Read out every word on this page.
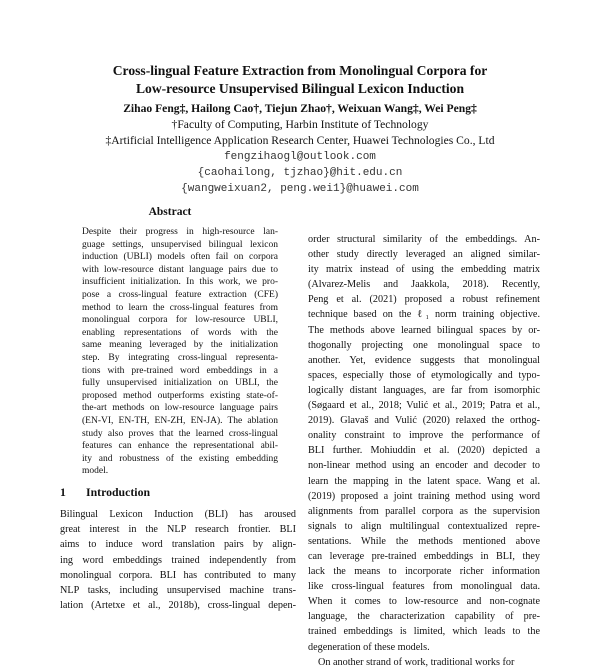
Cross-lingual Feature Extraction from Monolingual Corpora for
Low-resource Unsupervised Bilingual Lexicon Induction
Zihao Feng‡, Hailong Cao†, Tiejun Zhao†, Weixuan Wang‡, Wei Peng‡
†Faculty of Computing, Harbin Institute of Technology
‡Artificial Intelligence Application Research Center, Huawei Technologies Co., Ltd
fengzihaogl@outlook.com
{caohailong, tjzhao}@hit.edu.cn
{wangweixuan2, peng.wei1}@huawei.com
Abstract
Despite their progress in high-resource lan-
guage settings, unsupervised bilingual lexicon
induction (UBLI) models often fail on corpora
with low-resource distant language pairs due to
insufficient initialization. In this work, we pro-
pose a cross-lingual feature extraction (CFE)
method to learn the cross-lingual features from
monolingual corpora for low-resource UBLI,
enabling representations of words with the
same meaning leveraged by the initialization
step. By integrating cross-lingual representa-
tions with pre-trained word embeddings in a
fully unsupervised initialization on UBLI, the
proposed method outperforms existing state-of-
the-art methods on low-resource language pairs
(EN-VI, EN-TH, EN-ZH, EN-JA). The ablation
study also proves that the learned cross-lingual
features can enhance the representational abil-
ity and robustness of the existing embedding
model.
1 Introduction
Bilingual Lexicon Induction (BLI) has aroused
great interest in the NLP research frontier. BLI
aims to induce word translation pairs by align-
ing word embeddings trained independently from
monolingual corpora. BLI has contributed to many
NLP tasks, including unsupervised machine trans-
lation (Artetxe et al., 2018b), cross-lingual depen-
order structural similarity of the embeddings. An-
other study directly leveraged an aligned similar-
ity matrix instead of using the embedding matrix
(Alvarez-Melis and Jaakkola, 2018). Recently,
Peng et al. (2021) proposed a robust refinement
technique based on the ℓ₁ norm training objective.
The methods above learned bilingual spaces by or-
thogonally projecting one monolingual space to
another. Yet, evidence suggests that monolingual
spaces, especially those of etymologically and typo-
logically distant languages, are far from isomorphic
(Søgaard et al., 2018; Vulić et al., 2019; Patra et al.,
2019). Glavaš and Vulić (2020) relaxed the orthog-
onality constraint to improve the performance of
BLI further. Mohiuddin et al. (2020) depicted a
non-linear method using an encoder and decoder to
learn the mapping in the latent space. Wang et al.
(2019) proposed a joint training method using word
alignments from parallel corpora as the supervision
signals to align multilingual contextualized repre-
sentations. While the methods mentioned above
can leverage pre-trained embeddings in BLI, they
lack the means to incorporate richer information
like cross-lingual features from monolingual data.
When it comes to low-resource and non-cognate
language, the characterization capability of pre-
trained embeddings is limited, which leads to the
degeneration of these models.
On another strand of work, traditional works for
